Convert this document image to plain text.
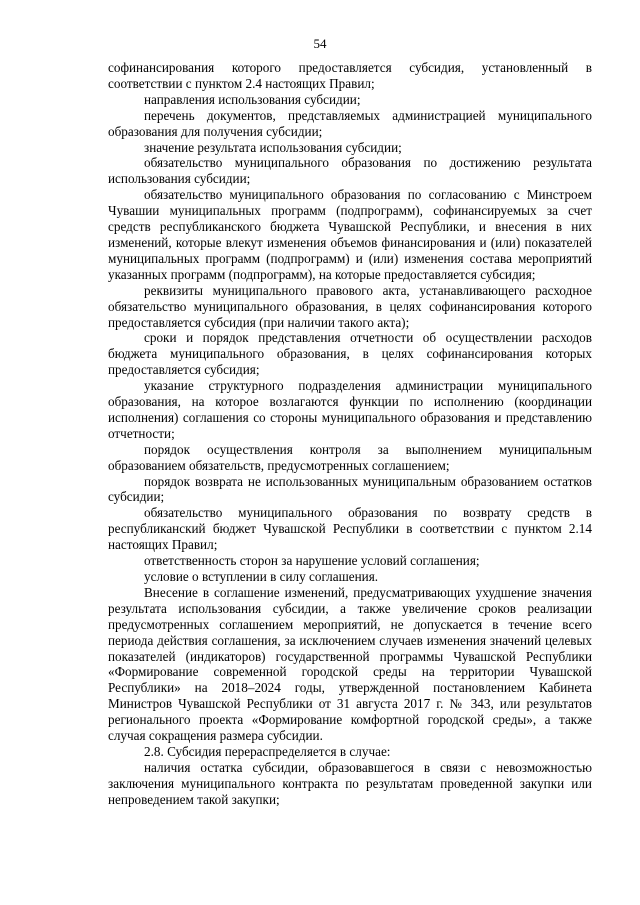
54

софинансирования которого предоставляется субсидия, установленный в соответствии с пунктом 2.4 настоящих Правил;

направления использования субсидии;

перечень документов, представляемых администрацией муниципального образования для получения субсидии;

значение результата использования субсидии;

обязательство муниципального образования по достижению результата использования субсидии;

обязательство муниципального образования по согласованию с Минстроем Чувашии муниципальных программ (подпрограмм), софинансируемых за счет средств республиканского бюджета Чувашской Республики, и внесения в них изменений, которые влекут изменения объемов финансирования и (или) показателей муниципальных программ (подпрограмм) и (или) изменения состава мероприятий указанных программ (подпрограмм), на которые предоставляется субсидия;

реквизиты муниципального правового акта, устанавливающего расходное обязательство муниципального образования, в целях софинансирования которого предоставляется субсидия (при наличии такого акта);

сроки и порядок представления отчетности об осуществлении расходов бюджета муниципального образования, в целях софинансирования которых предоставляется субсидия;

указание структурного подразделения администрации муниципального образования, на которое возлагаются функции по исполнению (координации исполнения) соглашения со стороны муниципального образования и представлению отчетности;

порядок осуществления контроля за выполнением муниципальным образованием обязательств, предусмотренных соглашением;

порядок возврата не использованных муниципальным образованием остатков субсидии;

обязательство муниципального образования по возврату средств в республиканский бюджет Чувашской Республики в соответствии с пунктом 2.14 настоящих Правил;

ответственность сторон за нарушение условий соглашения;

условие о вступлении в силу соглашения.

Внесение в соглашение изменений, предусматривающих ухудшение значения результата использования субсидии, а также увеличение сроков реализации предусмотренных соглашением мероприятий, не допускается в течение всего периода действия соглашения, за исключением случаев изменения значений целевых показателей (индикаторов) государственной программы Чувашской Республики «Формирование современной городской среды на территории Чувашской Республики» на 2018–2024 годы, утвержденной постановлением Кабинета Министров Чувашской Республики от 31 августа 2017 г. № 343, или результатов регионального проекта «Формирование комфортной городской среды», а также случая сокращения размера субсидии.

2.8. Субсидия перераспределяется в случае:

наличия остатка субсидии, образовавшегося в связи с невозможностью заключения муниципального контракта по результатам проведенной закупки или непроведением такой закупки;
